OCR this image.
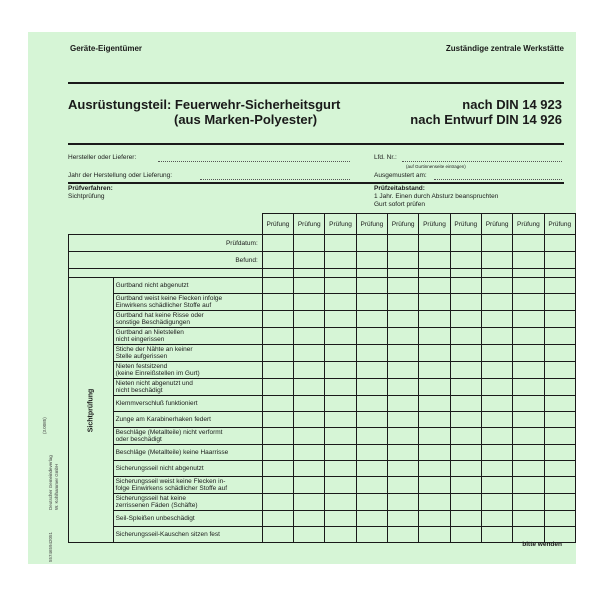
Geräte-Eigentümer	Zuständige zentrale Werkstätte
Ausrüstungsteil: Feuerwehr-Sicherheitsgurt
(aus Marken-Polyester)
nach DIN 14 923
nach Entwurf DIN 14 926
Hersteller oder Lieferer:	Lfd. Nr.:
(auf Gurtinnenseite eintragen)
Jahr der Herstellung oder Lieferung:	Ausgemustert am:
Prüfverfahren:
Sichtprüfung
Prüfzeitabstand:
1 Jahr. Einen durch Absturz beanspruchten
Gurt sofort prüfen
		Prüfung	Prüfung	Prüfung	Prüfung	Prüfung	Prüfung	Prüfung	Prüfung	Prüfung	Prüfung
Prüfdatum:											
Befund:											

Sichtprüfung	Gurtband nicht abgenutzt										

	Gurtband weist keine Flecken infolge
Einwirkens schädlicher Stoffe auf										

	Gurtband hat keine Risse oder
sonstige Beschädigungen										

	Gurtband an Nietstellen
nicht eingerissen										

	Stiche der Nähte an keiner
Stelle aufgerissen										

	Nieten festsitzend
(keine Einreißstellen im Gurt)										

	Nieten nicht abgenutzt und
nicht beschädigt										

	Klemmverschluß funktioniert										

	Zunge am Karabinerhaken federt										

	Beschläge (Metallteile) nicht verformt
oder beschädigt										

	Beschläge (Metallteile) keine Haarrisse										

	Sicherungsseil nicht abgenutzt										

	Sicherungsseil weist keine Flecken in-
folge Einwirkens schädlicher Stoffe auf										

	Sicherungsseil hat keine
zerrissenen Fäden (Schäfte)										

	Seil-Spleißen unbeschädigt										

	Sicherungsseil-Kauschen sitzen fest										

(3.0085)
Deutscher Gemeindeverlag W. Kohlhammer GmbH
557465942051	bitte wenden
